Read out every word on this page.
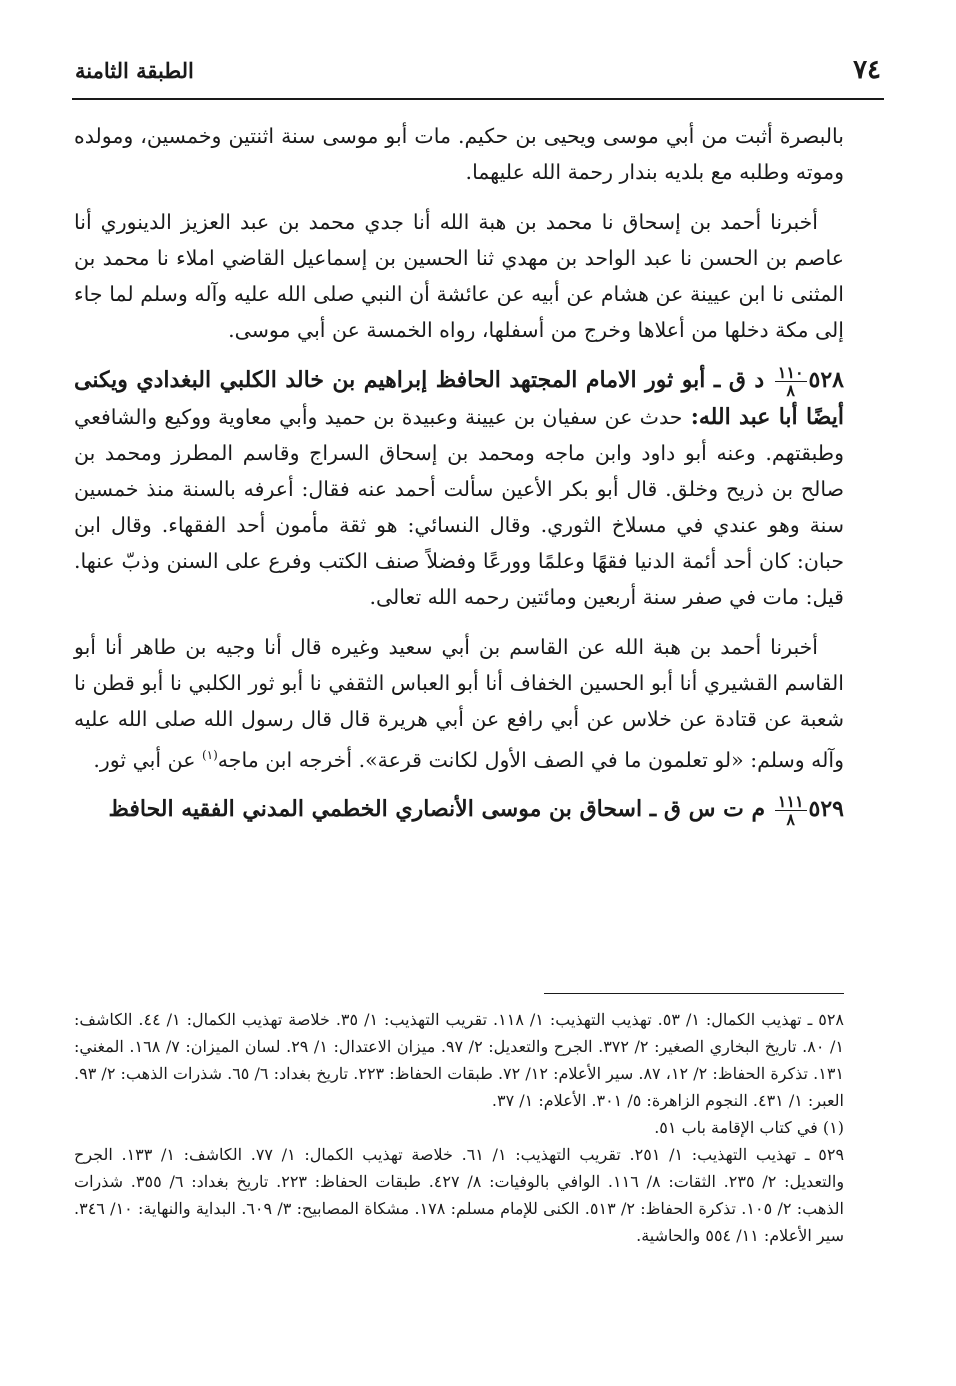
٧٤
الطبقة الثامنة

بالبصرة أثبت من أبي موسى ويحيى بن حكيم. مات أبو موسى سنة اثنتين وخمسين، ومولده وموته وطلبه مع بلديه بندار رحمة الله عليهما.

أخبرنا أحمد بن إسحاق نا محمد بن هبة الله أنا جدي محمد بن عبد العزيز الدينوري أنا عاصم بن الحسن نا عبد الواحد بن مهدي ثنا الحسين بن إسماعيل القاضي املاء نا محمد بن المثنى نا ابن عيينة عن هشام عن أبيه عن عائشة أن النبي صلى الله عليه وآله وسلم لما جاء إلى مكة دخلها من أعلاها وخرج من أسفلها، رواه الخمسة عن أبي موسى.

٥٢٨
$\frac{١١٠}{٨}$
د ق ـ أبو ثور الامام المجتهد الحافظ إبراهيم بن خالد الكلبي البغدادي ويكنى أيضًا أبا عبد الله: حدث عن سفيان بن عيينة وعبيدة بن حميد وأبي معاوية ووكيع والشافعي وطبقتهم. وعنه أبو داود وابن ماجه ومحمد بن إسحاق السراج وقاسم المطرز ومحمد بن صالح بن ذريح وخلق. قال أبو بكر الأعين سألت أحمد عنه فقال: أعرفه بالسنة منذ خمسين سنة وهو عندي في مسلاخ الثوري. وقال النسائي: هو ثقة مأمون أحد الفقهاء. وقال ابن حبان: كان أحد أئمة الدنيا فقهًا وعلمًا وورعًا وفضلاً صنف الكتب وفرع على السنن وذبّ عنها. قيل: مات في صفر سنة أربعين ومائتين رحمه الله تعالى.

أخبرنا أحمد بن هبة الله عن القاسم بن أبي سعيد وغيره قال أنا وجيه بن طاهر أنا أبو القاسم القشيري أنا أبو الحسين الخفاف أنا أبو العباس الثقفي نا أبو ثور الكلبي نا أبو قطن نا شعبة عن قتادة عن خلاس عن أبي رافع عن أبي هريرة قال قال رسول الله صلى الله عليه وآله وسلم: «لو تعلمون ما في الصف الأول لكانت قرعة». أخرجه ابن ماجه$^{(١)}$ عن أبي ثور.

٥٢٩
$\frac{١١١}{٨}$
م ت س ق ـ اسحاق بن موسى الأنصاري الخطمي المدني الفقيه الحافظ

٥٢٨ ـ تهذيب الكمال: ١/ ٥٣. تهذيب التهذيب: ١/ ١١٨. تقريب التهذيب: ١/ ٣٥. خلاصة تهذيب الكمال: ١/ ٤٤. الكاشف: ١/ ٨٠. تاريخ البخاري الصغير: ٢/ ٣٧٢. الجرح والتعديل: ٢/ ٩٧. ميزان الاعتدال: ١/ ٢٩. لسان الميزان: ٧/ ١٦٨. المغني: ١٣١. تذكرة الحفاظ: ٢/ ١٢، ٨٧. سير الأعلام: ١٢/ ٧٢. طبقات الحفاظ: ٢٢٣. تاريخ بغداد: ٦/ ٦٥. شذرات الذهب: ٢/ ٩٣. العبر: ١/ ٤٣١. النجوم الزاهرة: ٥/ ٣٠١. الأعلام: ١/ ٣٧.

(١) في كتاب الإقامة باب ٥١.

٥٢٩ ـ تهذيب التهذيب: ١/ ٢٥١. تقريب التهذيب: ١/ ٦١. خلاصة تهذيب الكمال: ١/ ٧٧. الكاشف: ١/ ١٣٣. الجرح والتعديل: ٢/ ٢٣٥. الثقات: ٨/ ١١٦. الوافي بالوفيات: ٨/ ٤٢٧. طبقات الحفاظ: ٢٢٣. تاريخ بغداد: ٦/ ٣٥٥. شذرات الذهب: ٢/ ١٠٥. تذكرة الحفاظ: ٢/ ٥١٣. الكنى للإمام مسلم: ١٧٨. مشكاة المصابيح: ٣/ ٦٠٩. البداية والنهاية: ١٠/ ٣٤٦. سير الأعلام: ١١/ ٥٥٤ والحاشية.
